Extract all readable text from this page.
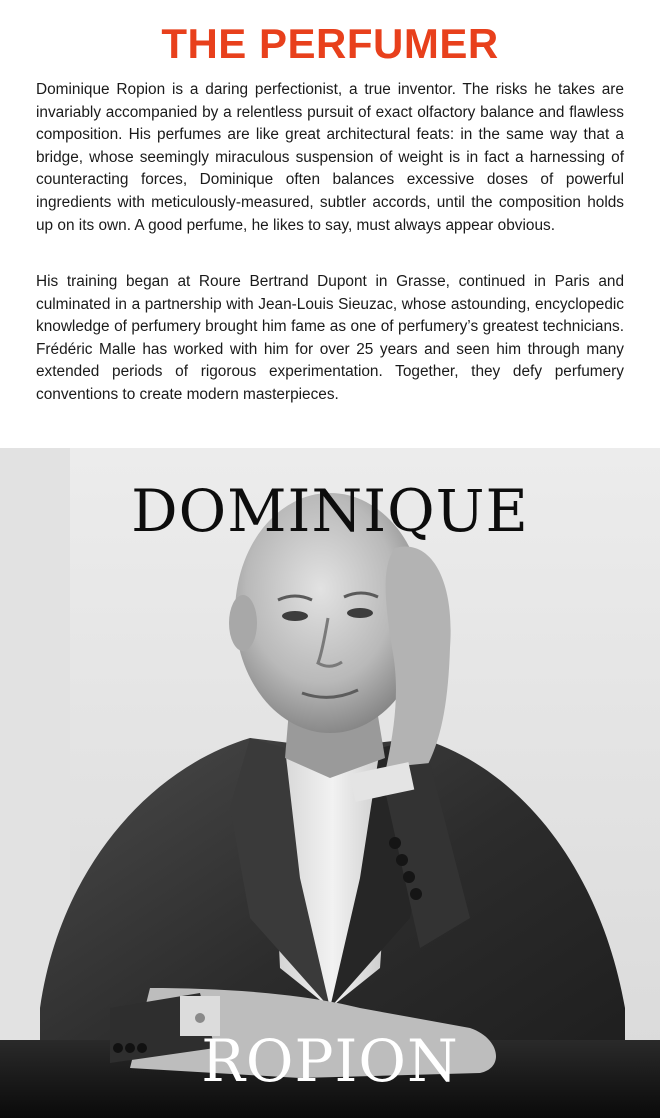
THE PERFUMER

Dominique Ropion is a daring perfectionist, a true inventor. The risks he takes are invariably accompanied by a relentless pursuit of exact olfactory balance and flawless composition. His perfumes are like great architectural feats: in the same way that a bridge, whose seemingly miraculous suspension of weight is in fact a harnessing of counteracting forces, Dominique often balances excessive doses of powerful ingredients with meticulously-measured, subtler accords, until the composition holds up on its own. A good perfume, he likes to say, must always appear obvious.

His training began at Roure Bertrand Dupont in Grasse, continued in Paris and culminated in a partnership with Jean-Louis Sieuzac, whose astounding, encyclopedic knowledge of perfumery brought him fame as one of perfumery’s greatest technicians. Frédéric Malle has worked with him for over 25 years and seen him through many extended periods of rigorous experimentation. Together, they defy perfumery conventions to create modern masterpieces.

DOMINIQUE
ROPION
